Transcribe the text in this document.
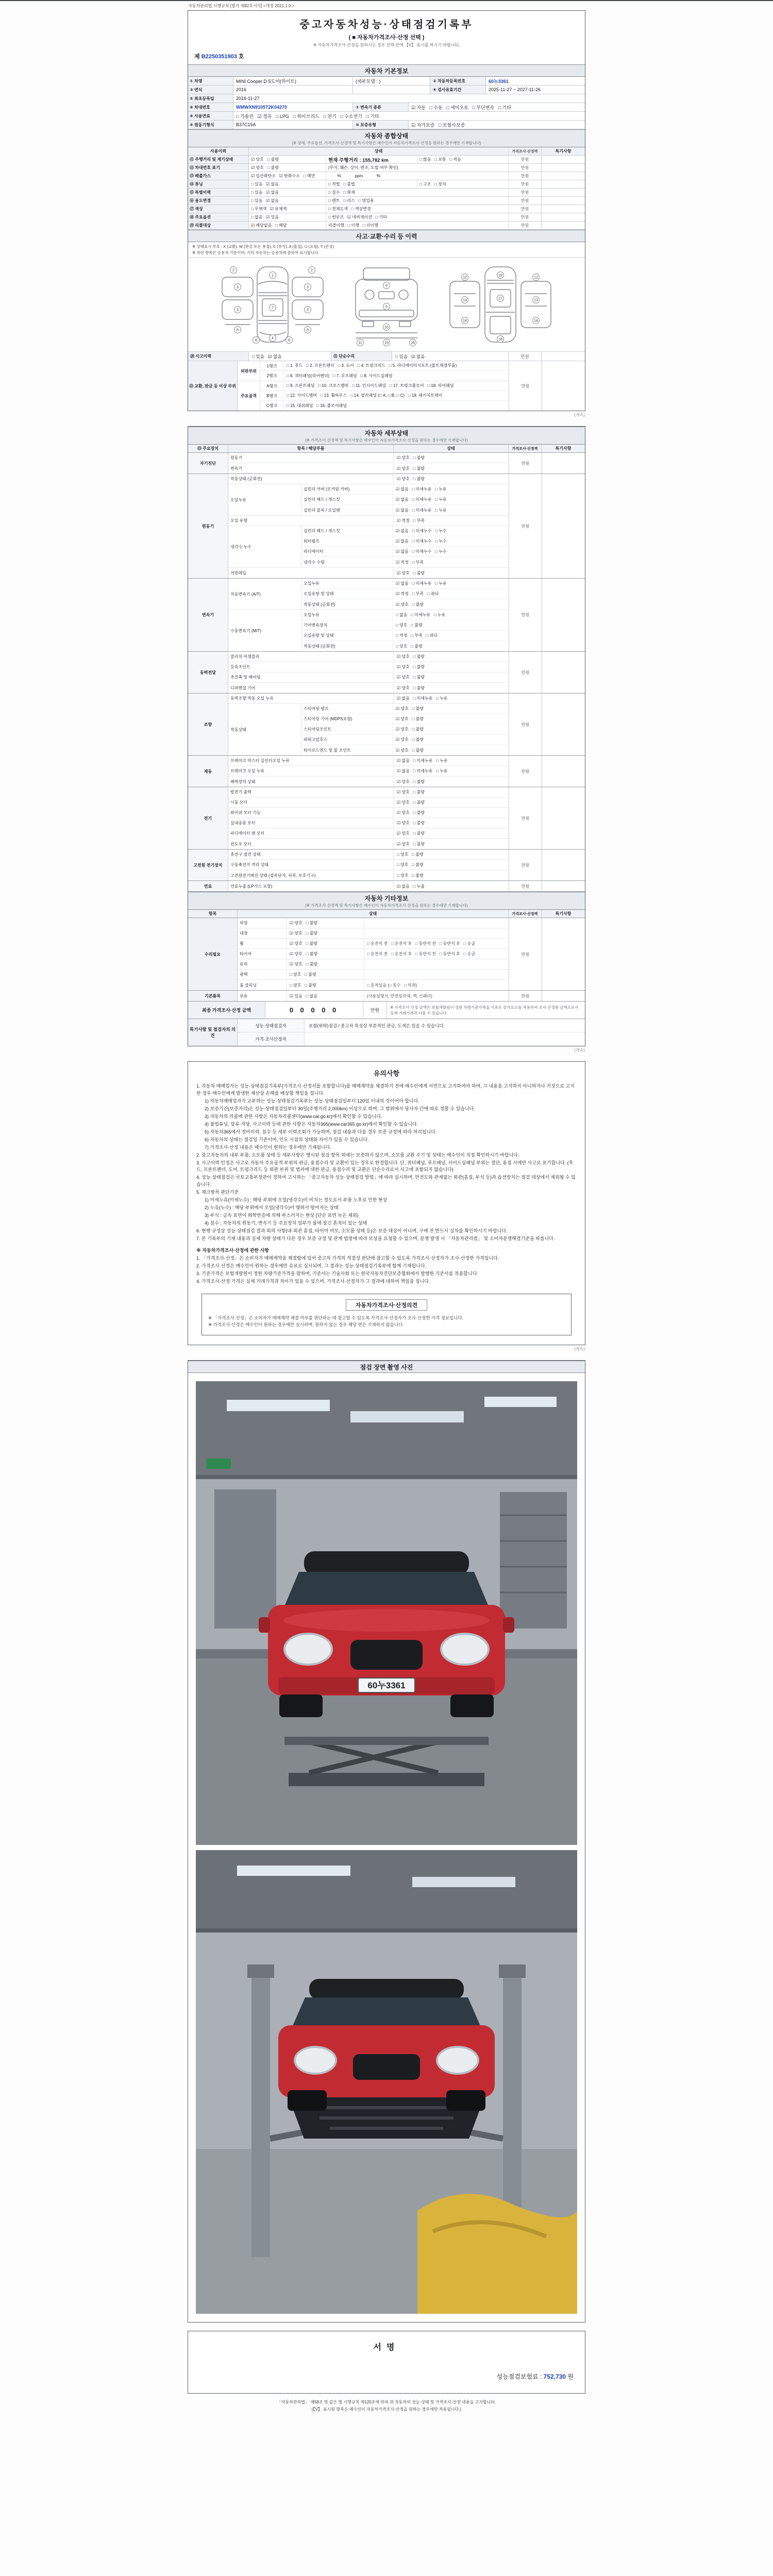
자동차관리법 시행규칙 [별지 제82호서식] <개정 2021.1.9.>
중고자동차성능·상태점검기록부
( ■ 자동차가격조사·산정 선택 )
※ 자동차가격조사·산정을 원하시는 경우 선택 란에 【V】 표시를 하시기 바랍니다.
제 B2250351903 호
자동차 기본정보
① 차명	MINI Cooper D 5도어(하이트)	(세부모델 : )	② 자동차등록번호	60누3361
③ 연식	2016	④ 검사유효기간	2025-11-27 ~ 2027-11-26
⑤ 최초등록일	2016-11-27
⑥ 차대번호	WMWXN9105T2K04270	⑦ 변속기 종류	☑ 자동   □ 수동   □ 세미오토   □ 무단변속   □ 기타
⑧ 사용연료	□ 가솔린   ☑ 경유   □ LPG   □ 하이브리드   □ 전기   □ 수소전기   □ 기타
⑨ 원동기형식	B37C15A	⑩ 보증유형	☑ 자가보증   □ 보험사보증
자동차 종합상태
(※ 상태, 주요옵션, 가격조사·산정액 및 특기사항은 매수인이 자동차가격조사·산정을 원하는 경우에만 기재합니다)
사용이력	상태	가격조사·산정액	특기사항
⑪ 주행거리 및 계기상태	☑ 양호   □ 불량	현재 주행거리 : 155,782 km	□ 많음   □ 보통   □ 적음	만원
⑫ 차대번호 표기	☑ 양호   □ 불량	(부식, 훼손, 상이, 변조, 도말 여부 확인)	만원
⑬ 배출가스	☑ 일산화탄소   ☑ 탄화수소   □ 매연	%            ppm            %	만원
⑭ 튜닝	□ 있음   ☑ 없음	□ 적법   □ 불법	□ 구조   □ 장치	만원
⑮ 특별이력	□ 있음   ☑ 없음	□ 침수   □ 화재	만원
⑯ 용도변경	□ 있음   ☑ 없음	□ 렌트   □ 리스   □ 영업용	만원
⑰ 색상	□ 무채색   ☑ 유채색	□ 전체도색   □ 색상변경	만원
⑱ 주요옵션	□ 없음   ☑ 있음	□ 썬루프   ☑ 네비게이션   □ 기타	만원
⑲ 리콜대상	☑ 해당없음   □ 해당	리콜이행 : □ 이행   □ 미이행	만원
사고·교환·수리 등 이력
※ 상태표시 부호 : X (교환), W (판금 또는 용접), C (부식), A (흠집), U (요철), T (손상)
※ 하단 항목은 승용차 기준이며, 기타 자동차는 승용차에 준하여 표시합니다.
1
2	2
3	3
3	3
7
4
8	8
6	6
9
5
10
11	15	16
19
17
18
12	12
13	13
14	14
⑳ 사고이력	□ 있음   ☑ 없음	㉑ 단순수리	□ 있음   ☑ 없음	만원
㉒ 교환, 판금 등 이상 부위
외판부위
1랭크	□ 1. 후드   □ 2. 프론트펜더   □ 3. 도어   □ 4. 트렁크리드   □ 5. 라디에이터서포트 (볼트체결부품)
2랭크	□ 6. 쿼터패널(리어펜더)   □ 7. 루프패널   □ 8. 사이드실패널
주요골격
A랭크	□ 9. 프론트패널   □ 10. 크로스멤버   □ 11. 인사이드패널   □ 17. 트렁크플로어   □ 18. 리어패널
B랭크	□ 12. 사이드멤버   □ 13. 휠하우스   □ 14. 필러패널 (□ A, □ B, □ C)   □ 19. 패키지트레이
C랭크	□ 15. 대쉬패널   □ 16. 플로어패널
만원
(계속)
자동차 세부상태
(※ 가격조사·산정액 및 특기사항은 매수인이 자동차가격조사·산정을 원하는 경우에만 기재합니다)
㉓ 주요장치	항목 / 해당부품	상태	가격조사·산정액	특기사항
자기진단
원동기	☑ 양호   □ 불량
변속기	☑ 양호   □ 불량
만원
원동기
작동상태 (공회전)	☑ 양호   □ 불량
오일누유
실린더 커버 (로커암 커버)	☑ 없음   □ 미세누유   □ 누유
실린더 헤드 / 개스킷	☑ 없음   □ 미세누유   □ 누유
실린더 블록 / 오일팬	☑ 없음   □ 미세누유   □ 누유
오일 유량	☑ 적정   □ 부족
냉각수 누수
실린더 헤드 / 개스킷	☑ 없음   □ 미세누수   □ 누수
워터펌프	☑ 없음   □ 미세누수   □ 누수
라디에이터	☑ 없음   □ 미세누수   □ 누수
냉각수 수량	☑ 적정   □ 부족
커먼레일	☑ 양호   □ 불량
만원
변속기
자동변속기 (A/T)
오일누유	☑ 없음   □ 미세누유   □ 누유
오일유량 및 상태	☑ 적정   □ 부족   □ 과다
작동상태 (공회전)	☑ 양호   □ 불량
수동변속기 (M/T)
오일누유	□ 없음   □ 미세누유   □ 누유
기어변속장치	□ 양호   □ 불량
오일유량 및 상태	□ 적정   □ 부족   □ 과다
작동상태 (공회전)	□ 양호   □ 불량
만원
동력전달
클러치 어셈블리	☑ 양호   □ 불량
등속조인트	☑ 양호   □ 불량
추진축 및 베어링	☑ 양호   □ 불량
디퍼렌셜 기어	☑ 양호   □ 불량
만원
조향
동력조향 작동 오일 누유	☑ 없음   □ 미세누유   □ 누유
작동상태
스티어링 펌프	☑ 양호   □ 불량
스티어링 기어 (MDPS포함)	☑ 양호   □ 불량
스티어링조인트	☑ 양호   □ 불량
파워고압호스	☑ 양호   □ 불량
타이로드엔드 및 볼 조인트	☑ 양호   □ 불량
만원
제동
브레이크 마스터 실린더오일 누유	☑ 없음   □ 미세누유   □ 누유
브레이크 오일 누유	☑ 없음   □ 미세누유   □ 누유
배력장치 상태	☑ 양호   □ 불량
만원
전기
발전기 출력	☑ 양호   □ 불량
시동 모터	☑ 양호   □ 불량
와이퍼 모터 기능	☑ 양호   □ 불량
실내송풍 모터	☑ 양호   □ 불량
라디에이터 팬 모터	☑ 양호   □ 불량
윈도우 모터	☑ 양호   □ 불량
만원
고전원 전기장치
충전구 절연 상태	□ 양호   □ 불량
구동축전지 격리 상태	□ 양호   □ 불량
고전원전기배선 상태 (접속단자, 피복, 보호기구)	□ 양호   □ 불량
만원
연료	연료누출 (LP가스 포함)	☑ 없음   □ 누출	만원
자동차 기타정보
(※ 가격조사·산정액 및 특기사항은 매수인이 자동차가격조사·산정을 원하는 경우에만 기재합니다)
항목	상태	가격조사·산정액	특기사항
수리필요
외장	☑ 양호   □ 불량
내장	☑ 양호   □ 불량
휠	☑ 양호   □ 불량	□ 운전석 전   □ 운전석 후   □ 동반석 전   □ 동반석 후   □ 응급
타이어	☑ 양호   □ 불량	□ 운전석 전   □ 운전석 후   □ 동반석 전   □ 동반석 후   □ 응급
유리	☑ 양호   □ 불량
광택	□ 양호   □ 불량
룸 클리닝	□ 양호   □ 불량	□ 흔적있음 (□ 침수   □ 악취)
만원
기본품목	보유	☑ 있음   □ 없음	(사용설명서, 안전삼각대, 잭, 스패너)	만원
최종 가격조사·산정 금액	0 0 0 0 0	만원
※ 가격조사·산정 금액은 보험개발원이 정한 차량기준가격을 기초로 감가요소를 적용하여 조사·산정한 금액으로서 실제 거래가격과 다를 수 있습니다.
특기사항 및 점검자의 의견
성능·상태점검자	보험(위탁)점검 / 중고차 특성상 부분적인 판금, 도색은 있을 수 있습니다.
가격·조사산정자
(계속)
유의사항
1. 자동차 매매업자는 성능·상태점검기록부(가격조사·산정서를 포함합니다)를 매매계약을 체결하기 전에 매수인에게 서면으로 고지하여야 하며, 그 내용을 고지하지 아니하거나 거짓으로 고지한 경우 매수인에게 발생한 재산상 손해를 배상할 책임을 집니다.
1) 자동차매매업자가 교부하는 성능·상태점검기록부는 성능·상태점검일부터 120일 이내의 것이어야 합니다.
2) 보증기간(보증거리)은 성능·상태점검일부터 30일(주행거리 2,000km) 이상으로 하며, 그 범위에서 당사자 간에 따로 정할 수 있습니다.
3) 자동차의 리콜에 관한 사항은 자동차리콜센터(www.car.go.kr)에서 확인할 수 있습니다.
4) 불법튜닝, 압류·저당, 사고이력 등에 관한 사항은 자동차365(www.car365.go.kr)에서 확인할 수 있습니다.
5) 자동차365에서 정비이력, 침수 등 세부 이력조회가 가능하며, 점검 내용과 다를 경우 보증 규정에 따라 처리됩니다.
6) 자동차의 상태는 점검일 기준이며, 인도 시점의 상태와 차이가 있을 수 있습니다.
7) 가격조사·산정 내용은 매수인이 원하는 경우에만 기재됩니다.
2. 중고자동차의 내부 부품, 소모품 상태 등 세부사항은 명시된 점검 항목 외에는 보증하지 않으며, 소모품 교환 주기 및 상태는 매수인이 직접 확인하시기 바랍니다.
3. 사고이력 인정은 사고로 자동차 주요골격 부위의 판금, 용접수리 및 교환이 있는 경우로 한정합니다. 단, 쿼터패널, 루프패널, 사이드실패널 부위는 절단, 용접 시에만 사고로 표기합니다. (후드, 프론트펜더, 도어, 트렁크리드 등 외판 부위 및 범퍼에 대한 판금, 용접수리 및 교환은 단순수리로서 사고에 포함되지 않습니다)
4. 성능·상태점검은 국토교통부장관이 정하여 고시하는 「중고자동차 성능·상태점검 방법」에 따라 실시하며, 안전도와 관계없는 외관(흠집, 부식 등)과 옵션장치는 점검 대상에서 제외될 수 있습니다.
5. 체크항목 판단기준
1) 미세누유(미세누수) : 해당 부위에 오일(냉각수)이 비치는 정도로서 부품 노후로 인한 현상
2) 누유(누수) : 해당 부위에서 오일(냉각수)이 맺혀서 떨어지는 상태
3) 부식 : 금속 표면이 화학반응에 의해 부스러지는 현상 (단순 표면 녹은 제외)
4) 침수 : 자동차의 원동기, 변속기 등 주요장치 일부가 물에 잠긴 흔적이 있는 상태
6. 현행 규정상 성능·상태점검 결과 외의 사항(내·외관 흠집, 타이어 마모, 소모품 상태 등)은 보증 대상이 아니며, 구매 전 반드시 실차를 확인하시기 바랍니다.
7. 본 기록부의 기재 내용과 실제 차량 상태가 다른 경우 보증 규정 및 관계 법령에 따라 보상을 요청할 수 있으며, 분쟁 발생 시 「자동차관리법」 및 소비자분쟁해결기준을 따릅니다.
※ 자동차가격조사·산정에 관한 사항
1. 「가격조사·산정」은 소비자가 매매계약을 체결함에 있어 중고차 가격의 적절성 판단에 참고할 수 있도록 가격조사·산정자가 조사·산정한 가격입니다.
2. 가격조사·산정은 매수인이 원하는 경우에만 유료로 실시되며, 그 결과는 성능·상태점검기록부에 함께 기재됩니다.
3. 기준가격은 보험개발원이 정한 차량기준가격을 말하며, 기준서는 기술사회 또는 한국자동차진단보증협회에서 발행한 기준서를 적용합니다.
4. 가격조사·산정 가격은 실제 거래가격과 차이가 있을 수 있으며, 가격조사·산정자가 그 결과에 대하여 책임을 집니다.
자동차가격조사·산정의견
※ 「가격조사·산정」은 소비자가 매매계약 체결 여부를 판단하는 데 참고할 수 있도록 가격조사·산정자가 조사·산정한 가격 정보입니다.
※ 가격조사·산정은 매수인이 원하는 경우에만 실시하며, 원하지 않는 경우 해당 란은 기재하지 않습니다.
(계속)
점검 장면 촬영 사진
60누3361
서명
성능점검보험료 : 752,730 원
「자동차관리법」 제58조 및 같은 법 시행규칙 제120조에 따라 위 자동차의 성능·상태 및 가격조사·산정 내용을 고지합니다.
(【V】 표시된 항목은 매수인이 자동차가격조사·산정을 원하는 경우에만 적용됩니다.)
